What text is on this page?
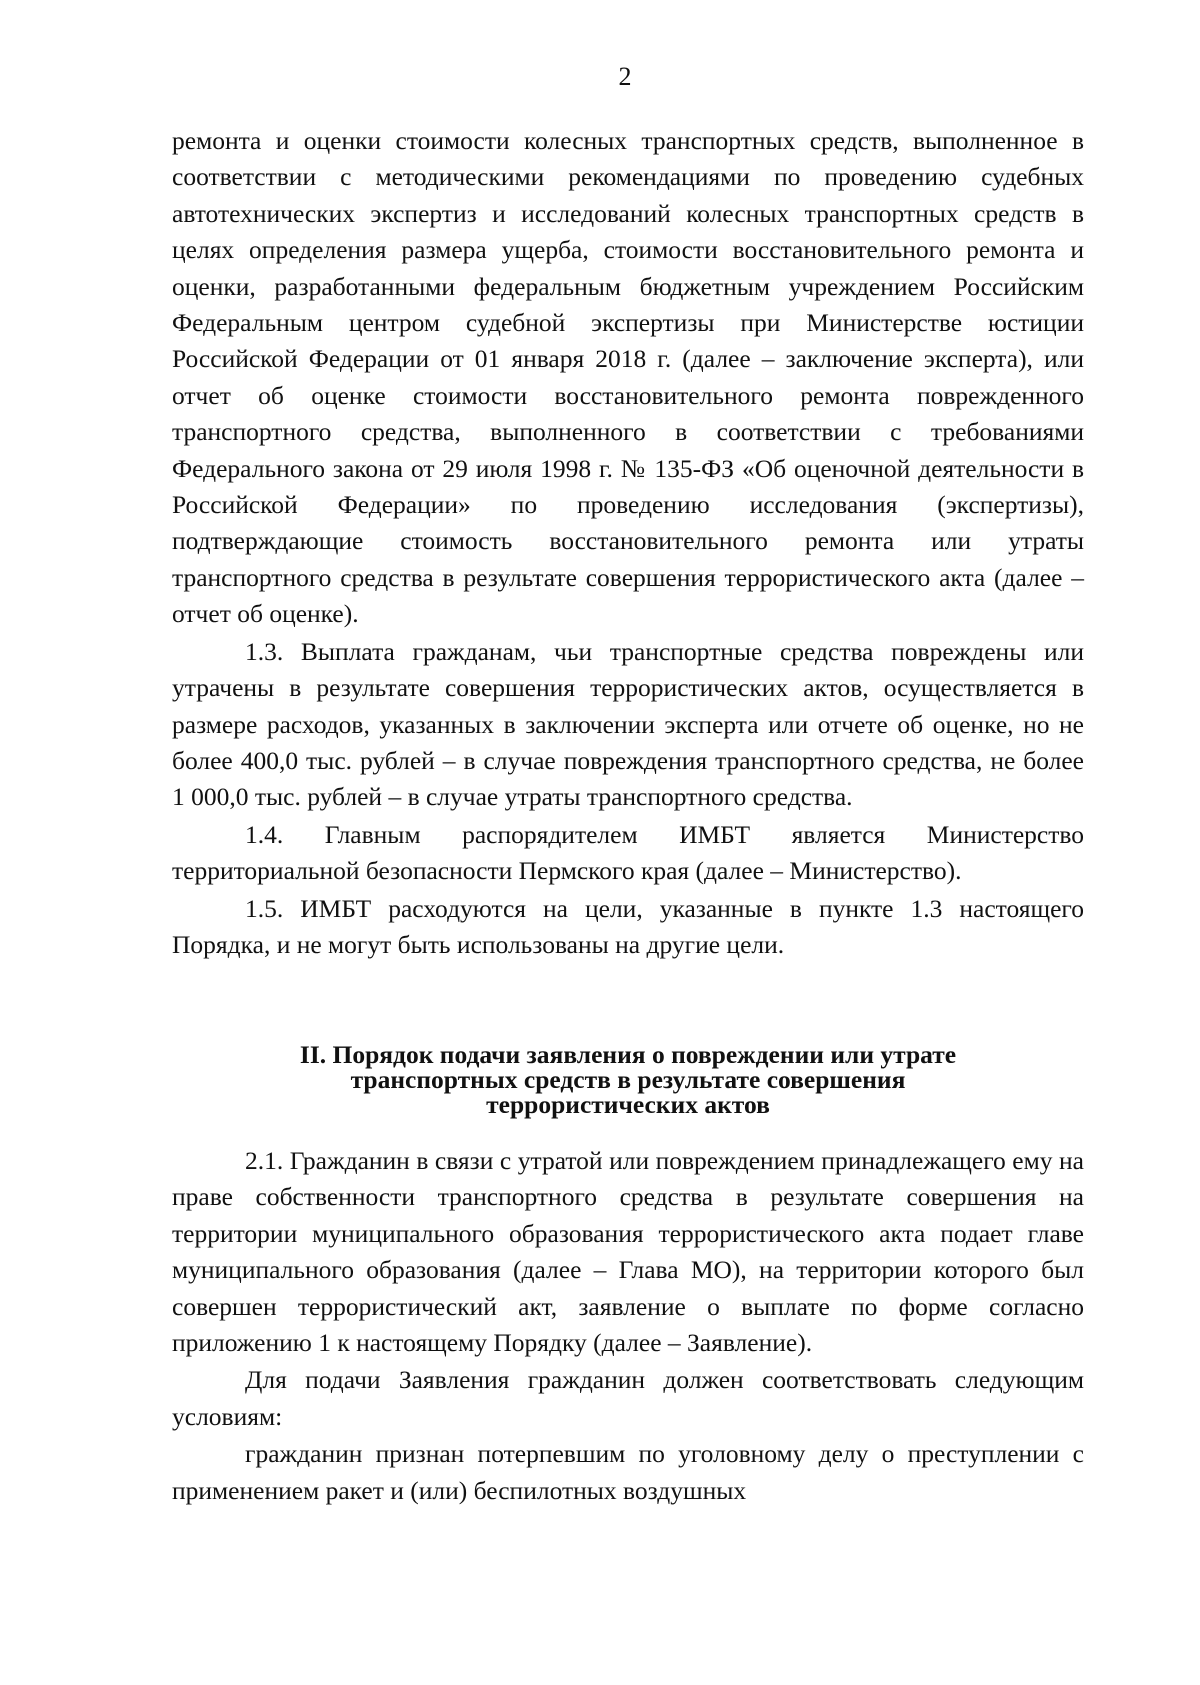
2

ремонта и оценки стоимости колесных транспортных средств, выполненное в соответствии с методическими рекомендациями по проведению судебных автотехнических экспертиз и исследований колесных транспортных средств в целях определения размера ущерба, стоимости восстановительного ремонта и оценки, разработанными федеральным бюджетным учреждением Российским Федеральным центром судебной экспертизы при Министерстве юстиции Российской Федерации от 01 января 2018 г. (далее – заключение эксперта), или отчет об оценке стоимости восстановительного ремонта поврежденного транспортного средства, выполненного в соответствии с требованиями Федерального закона от 29 июля 1998 г. № 135-ФЗ «Об оценочной деятельности в Российской Федерации» по проведению исследования (экспертизы), подтверждающие стоимость восстановительного ремонта или утраты транспортного средства в результате совершения террористического акта (далее – отчет об оценке).

1.3. Выплата гражданам, чьи транспортные средства повреждены или утрачены в результате совершения террористических актов, осуществляется в размере расходов, указанных в заключении эксперта или отчете об оценке, но не более 400,0 тыс. рублей – в случае повреждения транспортного средства, не более 1 000,0 тыс. рублей – в случае утраты транспортного средства.

1.4. Главным распорядителем ИМБТ является Министерство территориальной безопасности Пермского края (далее – Министерство).

1.5. ИМБТ расходуются на цели, указанные в пункте 1.3 настоящего Порядка, и не могут быть использованы на другие цели.

II. Порядок подачи заявления о повреждении или утрате
транспортных средств в результате совершения
террористических актов

2.1. Гражданин в связи с утратой или повреждением принадлежащего ему на праве собственности транспортного средства в результате совершения на территории муниципального образования террористического акта подает главе муниципального образования (далее – Глава МО), на территории которого был совершен террористический акт, заявление о выплате по форме согласно приложению 1 к настоящему Порядку (далее – Заявление).

Для подачи Заявления гражданин должен соответствовать следующим условиям:

гражданин признан потерпевшим по уголовному делу о преступлении с применением ракет и (или) беспилотных воздушных
